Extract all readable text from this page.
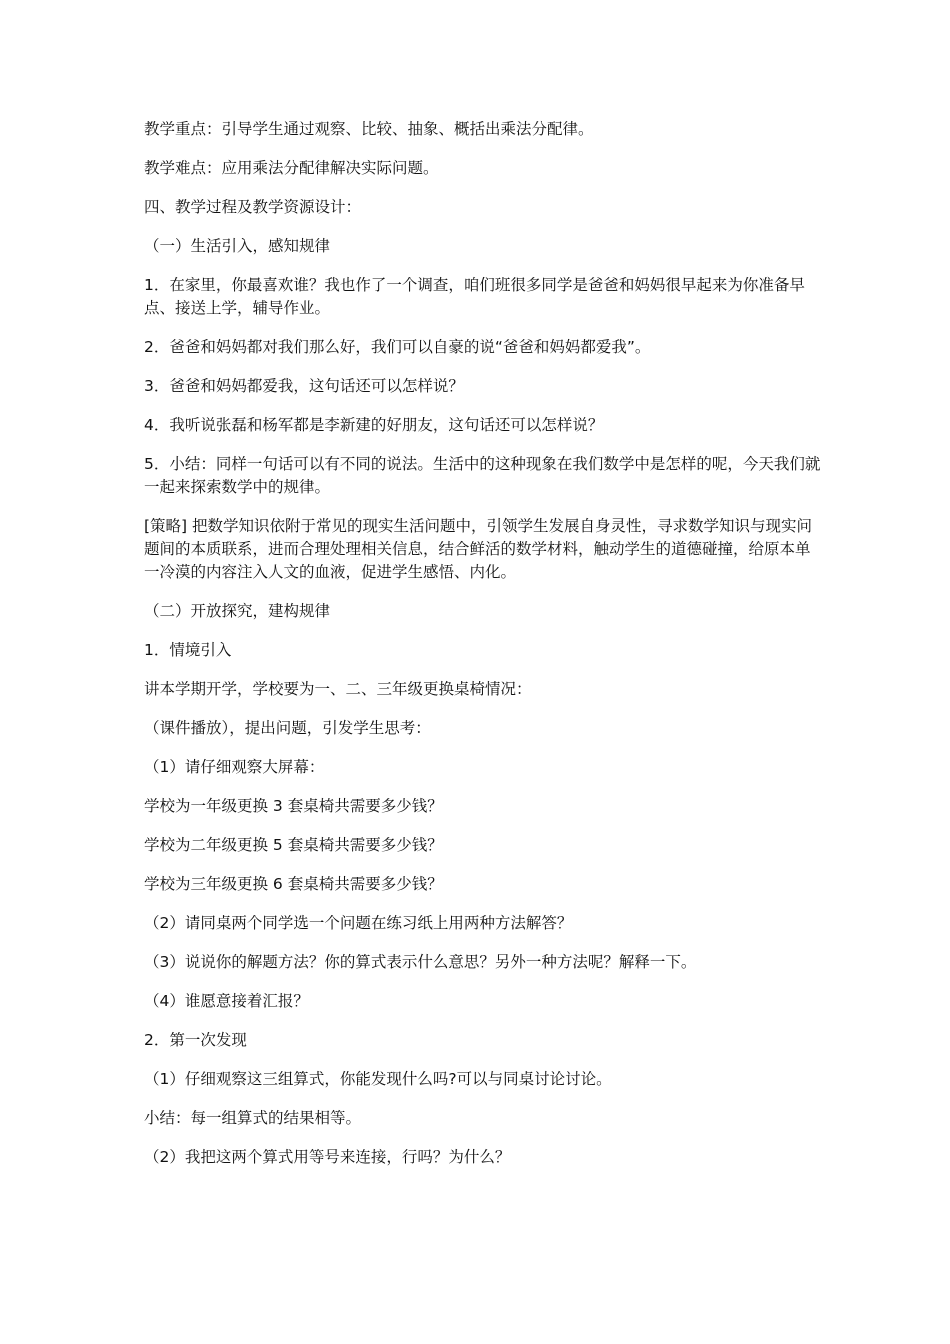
教学重点：引导学生通过观察、比较、抽象、概括出乘法分配律。

教学难点：应用乘法分配律解决实际问题。

四、教学过程及教学资源设计：

（一）生活引入，感知规律

1．在家里，你最喜欢谁？我也作了一个调查，咱们班很多同学是爸爸和妈妈很早起来为你准备早点、接送上学，辅导作业。

2．爸爸和妈妈都对我们那么好，我们可以自豪的说“爸爸和妈妈都爱我”。

3．爸爸和妈妈都爱我，这句话还可以怎样说？

4．我听说张磊和杨军都是李新建的好朋友，这句话还可以怎样说？

5．小结：同样一句话可以有不同的说法。生活中的这种现象在我们数学中是怎样的呢，今天我们就一起来探索数学中的规律。

[策略] 把数学知识依附于常见的现实生活问题中，引领学生发展自身灵性，寻求数学知识与现实问题间的本质联系，进而合理处理相关信息，结合鲜活的数学材料，触动学生的道德碰撞，给原本单一冷漠的内容注入人文的血液，促进学生感悟、内化。

（二）开放探究，建构规律

1．情境引入

讲本学期开学，学校要为一、二、三年级更换桌椅情况：

（课件播放），提出问题，引发学生思考：

（1）请仔细观察大屏幕：

学校为一年级更换 3 套桌椅共需要多少钱？

学校为二年级更换 5 套桌椅共需要多少钱？

学校为三年级更换 6 套桌椅共需要多少钱？

（2）请同桌两个同学选一个问题在练习纸上用两种方法解答？

（3）说说你的解题方法？你的算式表示什么意思？另外一种方法呢？解释一下。

（4）谁愿意接着汇报？

2．第一次发现

（1）仔细观察这三组算式，你能发现什么吗?可以与同桌讨论讨论。

小结：每一组算式的结果相等。

（2）我把这两个算式用等号来连接，行吗？为什么？
